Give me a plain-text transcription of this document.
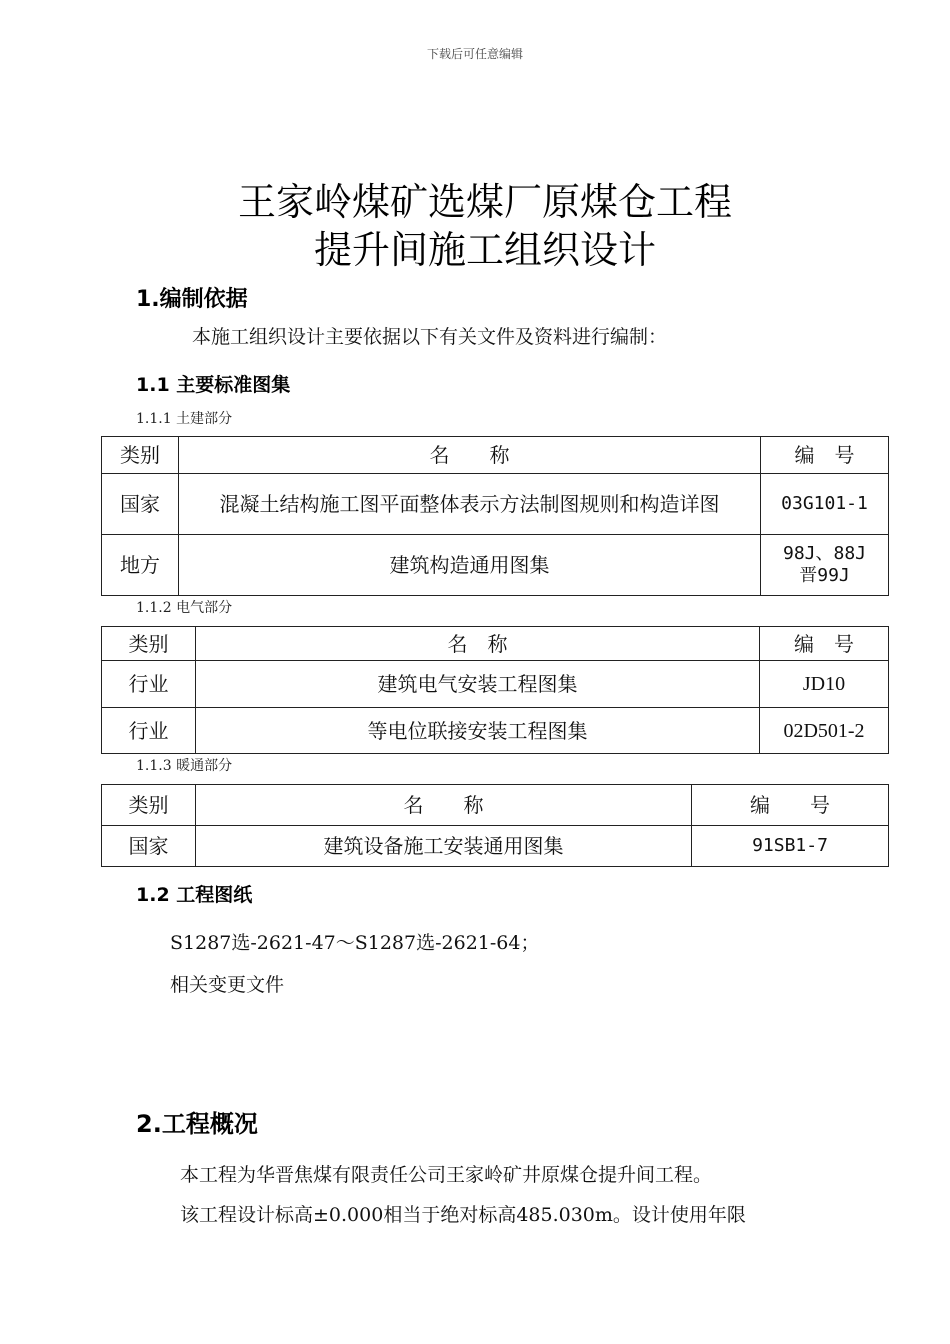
下载后可任意编辑
王家岭煤矿选煤厂原煤仓工程
提升间施工组织设计
1.编制依据
本施工组织设计主要依据以下有关文件及资料进行编制：
1.1 主要标准图集
1.1.1 土建部分
类别	名　　称	编　号
国家	混凝土结构施工图平面整体表示方法制图规则和构造详图	03G101-1
地方	建筑构造通用图集	98J、88J
晋99J
1.1.2 电气部分
类别	名　称	编　号
行业	建筑电气安装工程图集	JD10
行业	等电位联接安装工程图集	02D501-2
1.1.3 暖通部分
类别	名　　称	编　　号
国家	建筑设备施工安装通用图集	91SB1-7
1.2 工程图纸
S1287选-2621-47～S1287选-2621-64；
相关变更文件
2.工程概况
本工程为华晋焦煤有限责任公司王家岭矿井原煤仓提升间工程。
该工程设计标高±0.000相当于绝对标高485.030m。设计使用年限
